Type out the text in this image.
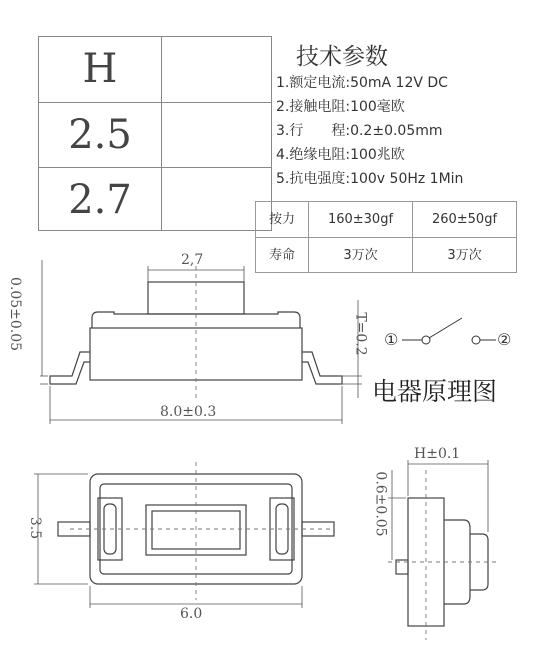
H
2.5
2.7
技术参数
1.额定电流:50mA 12V DC
2.接触电阻:100毫欧
3.行　　程:0.2±0.05mm
4.绝缘电阻:100兆欧
5.抗电强度:100v 50Hz 1Min
按力	160±30gf	260±50gf
寿命	3万次	3万次
2,7
0.05±0.05	T=0.2
8.0±0.3
3.5
6.0
H±0.1
0.6±0.05
①	②
电器原理图
